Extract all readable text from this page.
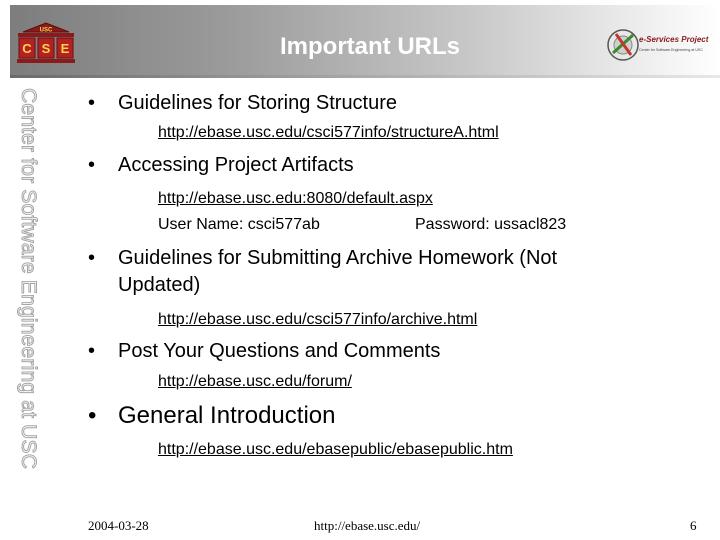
USC
C S E	Important URLs	e-Services Project
Center for Software Engineering at USC
Center for Software Engineering at USC •	Guidelines for Storing Structure
http://ebase.usc.edu/csci577info/structureA.html
•	Accessing Project Artifacts
http://ebase.usc.edu:8080/default.aspx
User Name: csci577ab	Password: ussacl823
•	Guidelines for Submitting Archive Homework (Not
Updated)
http://ebase.usc.edu/csci577info/archive.html
•	Post Your Questions and Comments
http://ebase.usc.edu/forum/
• General Introduction
http://ebase.usc.edu/ebasepublic/ebasepublic.htm
2004-03-28	http://ebase.usc.edu/	6
